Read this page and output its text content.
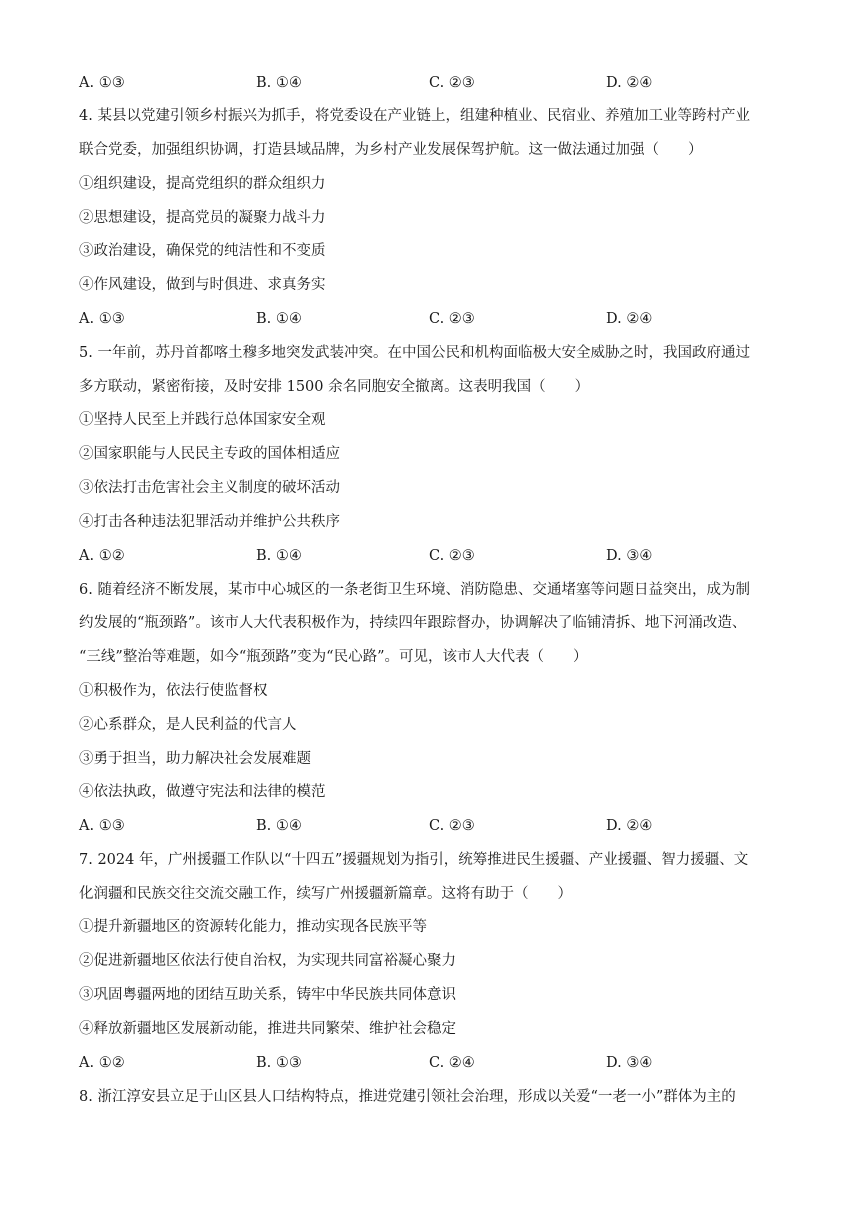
A. ①③	B. ①④	C. ②③	D. ②④
4. 某县以党建引领乡村振兴为抓手，将党委设在产业链上，组建种植业、民宿业、养殖加工业等跨村产业
联合党委，加强组织协调，打造县域品牌，为乡村产业发展保驾护航。这一做法通过加强（　　）
①组织建设，提高党组织的群众组织力
②思想建设，提高党员的凝聚力战斗力
③政治建设，确保党的纯洁性和不变质
④作风建设，做到与时俱进、求真务实
A. ①③	B. ①④	C. ②③	D. ②④
5. 一年前，苏丹首都喀土穆多地突发武装冲突。在中国公民和机构面临极大安全威胁之时，我国政府通过
多方联动，紧密衔接，及时安排 1500 余名同胞安全撤离。这表明我国（　　）
①坚持人民至上并践行总体国家安全观
②国家职能与人民民主专政的国体相适应
③依法打击危害社会主义制度的破坏活动
④打击各种违法犯罪活动并维护公共秩序
A. ①②	B. ①④	C. ②③	D. ③④
6. 随着经济不断发展，某市中心城区的一条老街卫生环境、消防隐患、交通堵塞等问题日益突出，成为制
约发展的“瓶颈路”。该市人大代表积极作为，持续四年跟踪督办，协调解决了临铺清拆、地下河涌改造、
“三线”整治等难题，如今“瓶颈路”变为“民心路”。可见，该市人大代表（　　）
①积极作为，依法行使监督权
②心系群众，是人民利益的代言人
③勇于担当，助力解决社会发展难题
④依法执政，做遵守宪法和法律的模范
A. ①③	B. ①④	C. ②③	D. ②④
7. 2024 年，广州援疆工作队以“十四五”援疆规划为指引，统筹推进民生援疆、产业援疆、智力援疆、文
化润疆和民族交往交流交融工作，续写广州援疆新篇章。这将有助于（　　）
①提升新疆地区的资源转化能力，推动实现各民族平等
②促进新疆地区依法行使自治权，为实现共同富裕凝心聚力
③巩固粤疆两地的团结互助关系，铸牢中华民族共同体意识
④释放新疆地区发展新动能，推进共同繁荣、维护社会稳定
A. ①②	B. ①③	C. ②④	D. ③④
8. 浙江淳安县立足于山区县人口结构特点，推进党建引领社会治理，形成以关爱“一老一小”群体为主的
